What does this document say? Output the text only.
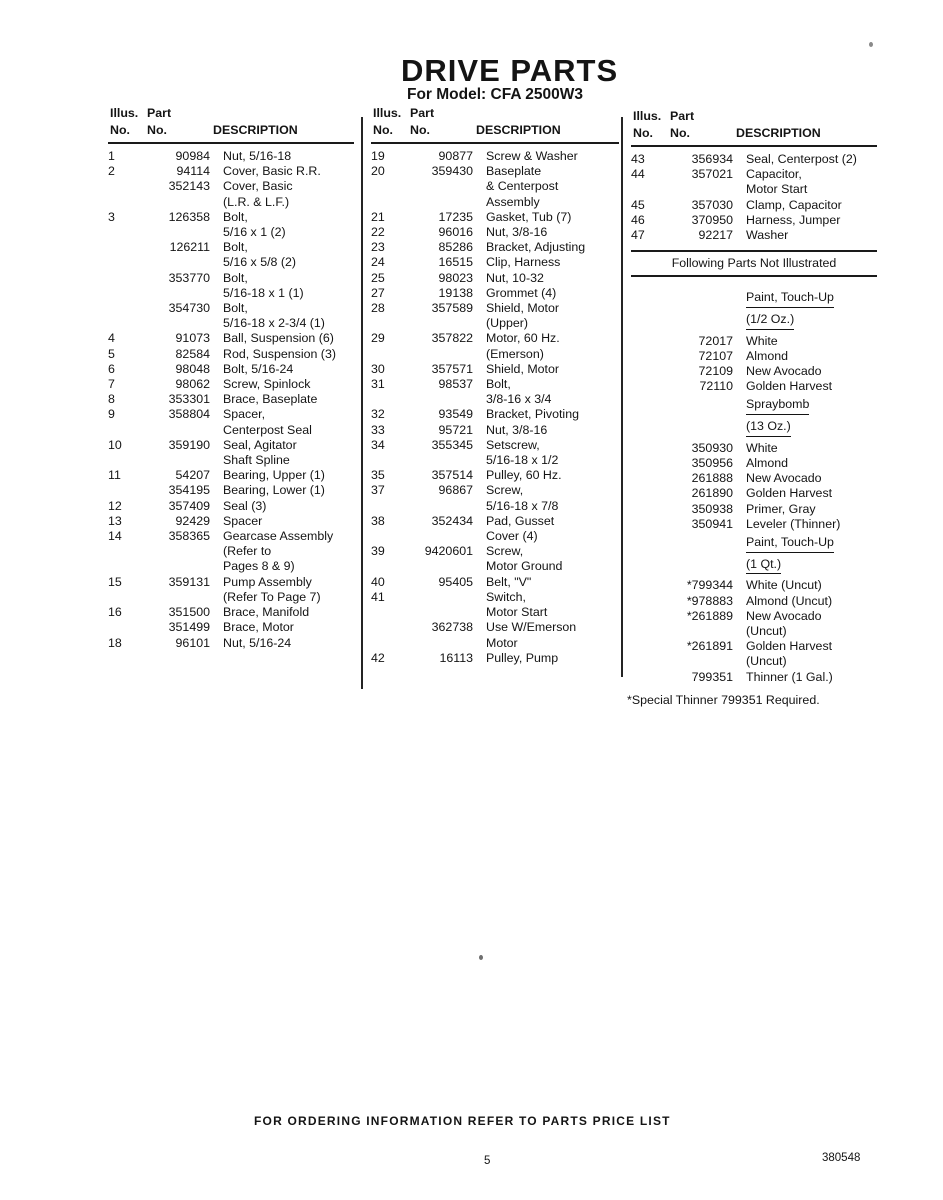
DRIVE PARTS
For Model: CFA 2500W3
Illus. Part
No. No.	DESCRIPTION
1	90984 Nut, 5/16-18
2	94114 Cover, Basic R.R.
352143 Cover, Basic
(L.R. & L.F.)
3	126358 Bolt,
5/16 x 1 (2)
126211 Bolt,
5/16 x 5/8 (2)
353770 Bolt,
5/16-18 x 1 (1)
354730 Bolt,
5/16-18 x 2-3/4 (1)
4	91073 Ball, Suspension (6)
5	82584 Rod, Suspension (3)
6	98048 Bolt, 5/16-24
7	98062 Screw, Spinlock
8	353301 Brace, Baseplate
9	358804 Spacer,
Centerpost Seal
10	359190 Seal, Agitator
Shaft Spline
11	54207 Bearing, Upper (1)
354195 Bearing, Lower (1)
12	357409 Seal (3)
13	92429 Spacer
14	358365 Gearcase Assembly
(Refer to
Pages 8 & 9)
15	359131 Pump Assembly
(Refer To Page 7)
16	351500 Brace, Manifold
351499 Brace, Motor
18	96101 Nut, 5/16-24
Illus. Part
No. No.	DESCRIPTION
19	90877 Screw & Washer
20	359430 Baseplate
& Centerpost
Assembly
21	17235 Gasket, Tub (7)
22	96016 Nut, 3/8-16
23	85286 Bracket, Adjusting
24	16515 Clip, Harness
25	98023 Nut, 10-32
27	19138 Grommet (4)
28	357589 Shield, Motor
(Upper)
29	357822 Motor, 60 Hz.
(Emerson)
30	357571 Shield, Motor
31	98537 Bolt,
3/8-16 x 3/4
32	93549 Bracket, Pivoting
33	95721 Nut, 3/8-16
34	355345 Setscrew,
5/16-18 x 1/2
35	357514 Pulley, 60 Hz.
37	96867 Screw,
5/16-18 x 7/8
38	352434 Pad, Gusset
Cover (4)
39	9420601 Screw,
Motor Ground
40	95405 Belt, "V"
41	Switch,
Motor Start
362738 Use W/Emerson
Motor
42	16113 Pulley, Pump
Illus. Part
No. No.	DESCRIPTION
43	356934 Seal, Centerpost (2)
44	357021 Capacitor,
Motor Start
45	357030 Clamp, Capacitor
46	370950 Harness, Jumper
47	92217 Washer
Following Parts Not Illustrated
Paint, Touch-Up
(1/2 Oz.)
72017 White
72107 Almond
72109 New Avocado
72110 Golden Harvest
Spraybomb
(13 Oz.)
350930 White
350956 Almond
261888 New Avocado
261890 Golden Harvest
350938 Primer, Gray
350941 Leveler (Thinner)
Paint, Touch-Up
(1 Qt.)
*799344 White (Uncut)
*978883 Almond (Uncut)
*261889 New Avocado
(Uncut)
*261891 Golden Harvest
(Uncut)
799351 Thinner (1 Gal.)
*Special Thinner 799351 Required.
FOR ORDERING INFORMATION REFER TO PARTS PRICE LIST
5	380548
